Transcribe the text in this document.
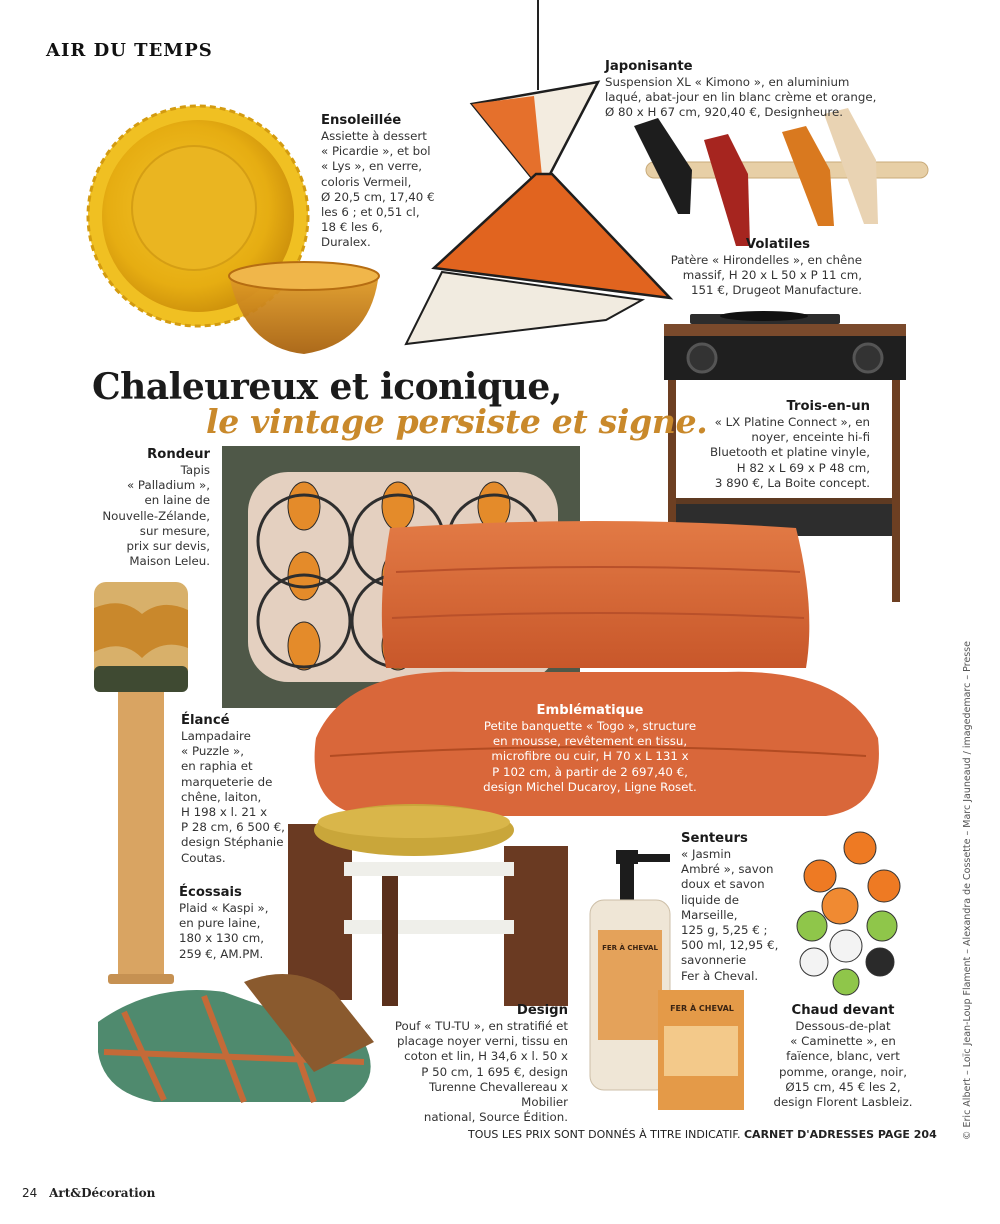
AIR DU TEMPS
FER À CHEVAL
FER À CHEVAL
Chaleureux et iconique,
le vintage persiste et signe.
Ensoleillée
Assiette à dessert
« Picardie », et bol
« Lys », en verre,
coloris Vermeil,
Ø 20,5 cm, 17,40 €
les 6 ; et 0,51 cl,
18 € les 6,
Duralex.
Japonisante
Suspension XL « Kimono », en aluminium
laqué, abat-jour en lin blanc crème et orange,
Ø 80 x H 67 cm, 920,40 €, Designheure.
Volatiles
Patère « Hirondelles », en chêne
massif, H 20 x L 50 x P 11 cm,
151 €, Drugeot Manufacture.
Trois-en-un
« LX Platine Connect », en
noyer, enceinte hi-fi
Bluetooth et platine vinyle,
H 82 x L 69 x P 48 cm,
3 890 €, La Boite concept.
Rondeur
Tapis
« Palladium »,
en laine de
Nouvelle-Zélande,
sur mesure,
prix sur devis,
Maison Leleu.
Emblématique
Petite banquette « Togo », structure
en mousse, revêtement en tissu,
microfibre ou cuir, H 70 x L 131 x
P 102 cm, à partir de 2 697,40 €,
design Michel Ducaroy, Ligne Roset.
Élancé
Lampadaire
« Puzzle »,
en raphia et
marqueterie de
chêne, laiton,
H 198 x l. 21 x
P 28 cm, 6 500 €,
design Stéphanie
Coutas.
Écossais
Plaid « Kaspi »,
en pure laine,
180 x 130 cm,
259 €, AM.PM.
Senteurs
« Jasmin
Ambré », savon
doux et savon
liquide de
Marseille,
125 g, 5,25 € ;
500 ml, 12,95 €,
savonnerie
Fer à Cheval.
Design
Pouf « TU-TU », en stratifié et
placage noyer verni, tissu en
coton et lin, H 34,6 x l. 50 x
P 50 cm, 1 695 €, design
Turenne Chevallereau x Mobilier
national, Source Édition.
Chaud devant
Dessous-de-plat
« Caminette », en
faïence, blanc, vert
pomme, orange, noir,
Ø15 cm, 45 € les 2,
design Florent Lasbleiz.
TOUS LES PRIX SONT DONNÉS À TITRE INDICATIF. CARNET D'ADRESSES PAGE 204
24 Art&Décoration
© Eric Albert – Loïc Jean-Loup Flament – Alexandra de Cossette – Marc Jauneaud / imagedemarc – Presse
